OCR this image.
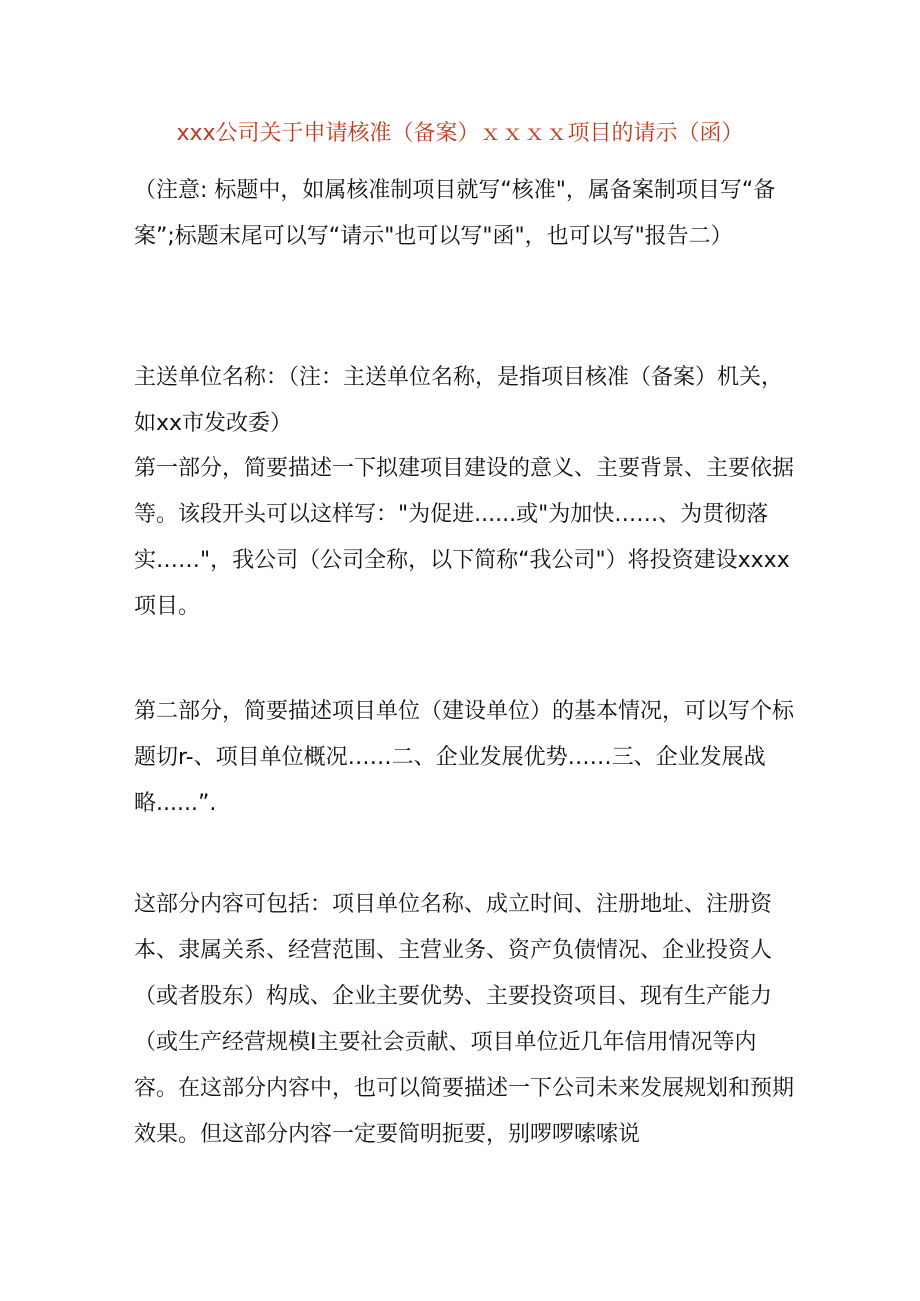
xxx公司关于申请核准（备案）ｘｘｘｘ项目的请示（函）
（注意: 标题中，如属核准制项目就写“核准"，属备案制项目写“备案”;标题末尾可以写“请示"也可以写"函"，也可以写"报告二）

主送单位名称：（注：主送单位名称，是指项目核准（备案）机关，如xx市发改委）

第一部分，简要描述一下拟建项目建设的意义、主要背景、主要依据等。该段开头可以这样写："为促进......或"为加快……、为贯彻落实……"，我公司（公司全称，以下简称“我公司"）将投资建设xxxx项目。

第二部分，简要描述项目单位（建设单位）的基本情况，可以写个标题切r-、项目单位概况……二、企业发展优势……三、企业发展战略......”.

这部分内容可包括：项目单位名称、成立时间、注册地址、注册资本、隶属关系、经营范围、主营业务、资产负债情况、企业投资人（或者股东）构成、企业主要优势、主要投资项目、现有生产能力（或生产经营规模I主要社会贡献、项目单位近几年信用情况等内容。在这部分内容中，也可以简要描述一下公司未来发展规划和预期效果。但这部分内容一定要简明扼要，别啰啰嗦嗦说
